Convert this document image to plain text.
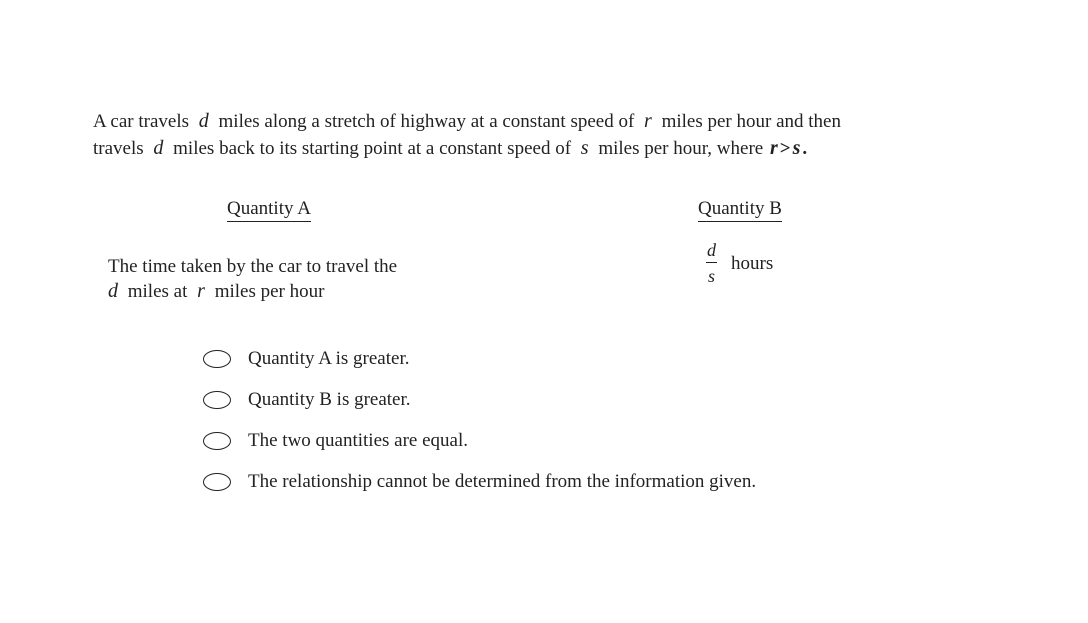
A car travels d miles along a stretch of highway at a constant speed of r miles per hour and then
travels d miles back to its starting point at a constant speed of s miles per hour, where r > s .
Quantity A	Quantity B
The time taken by the car to travel the
d miles at r miles per hour
$\frac{d}{s}$ hours
Quantity A is greater.
Quantity B is greater.
The two quantities are equal.
The relationship cannot be determined from the information given.
